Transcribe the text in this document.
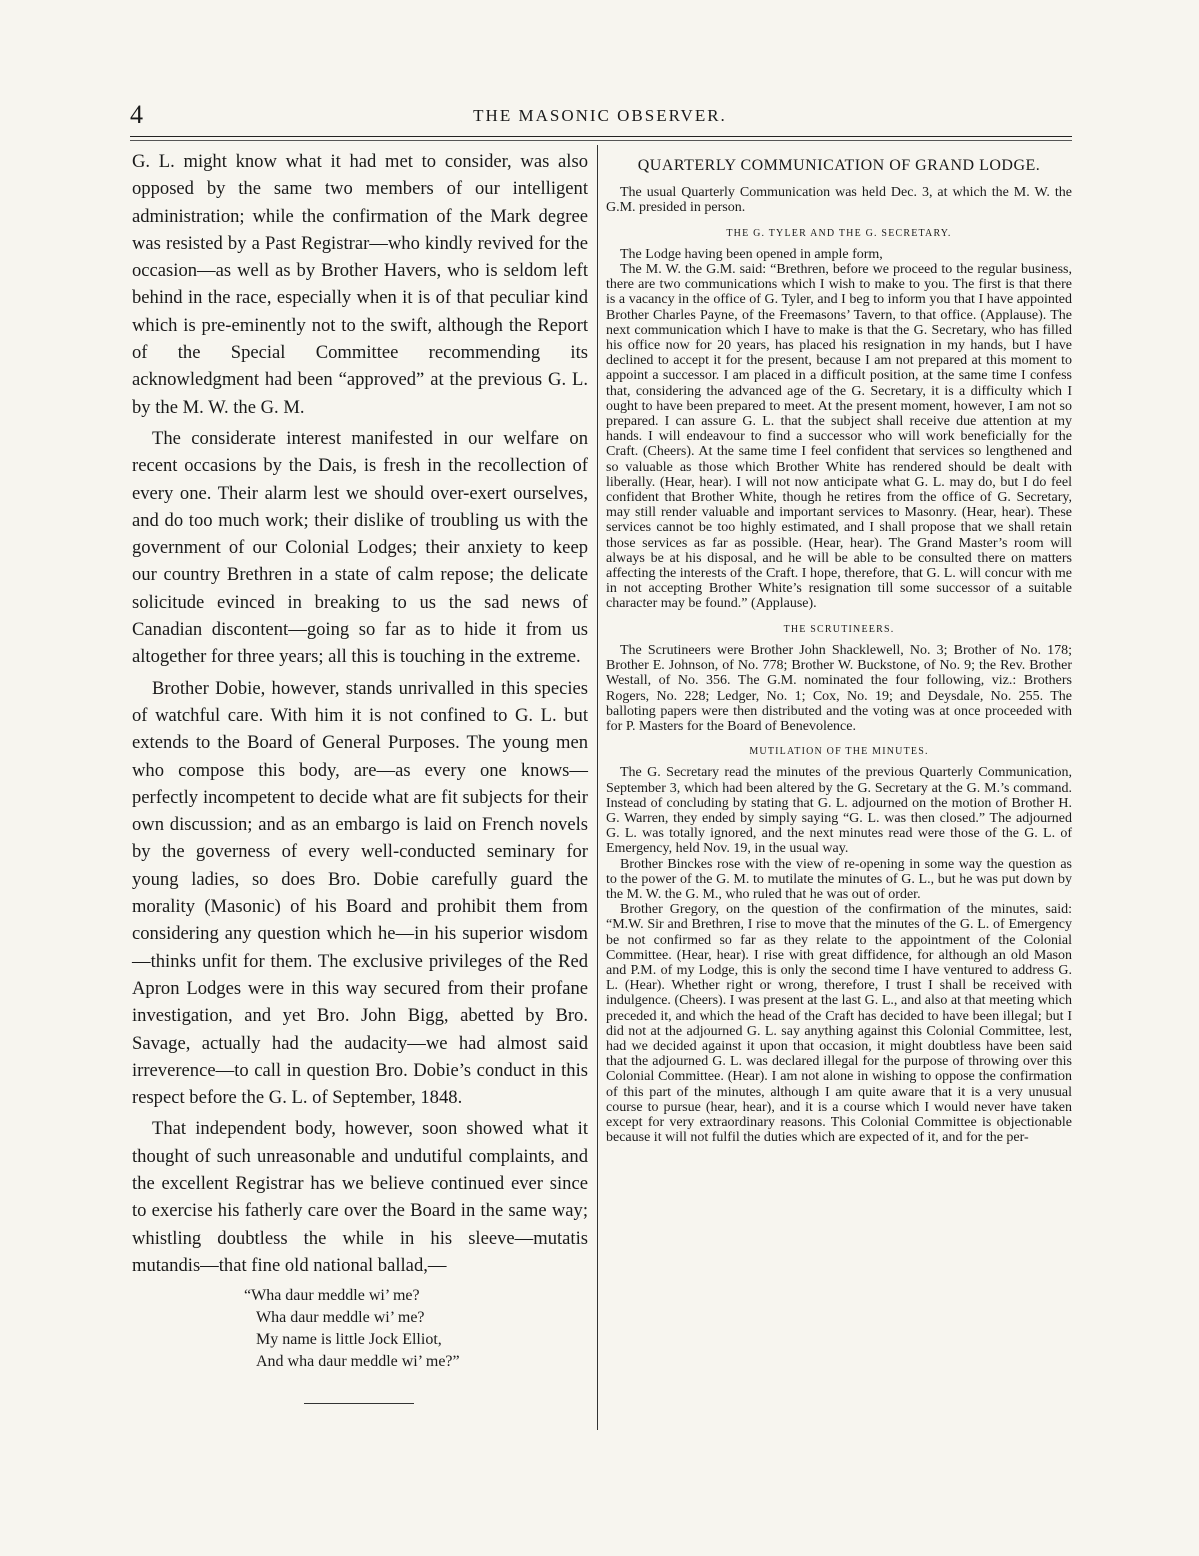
4	THE MASONIC OBSERVER.

G. L. might know what it had met to consider, was also opposed by the same two members of our intelligent administration; while the confirmation of the Mark degree was resisted by a Past Registrar—who kindly revived for the occasion—as well as by Brother Havers, who is seldom left behind in the race, especially when it is of that peculiar kind which is pre-eminently not to the swift, although the Report of the Special Committee recommending its acknowledgment had been “approved” at the previous G. L. by the M. W. the G. M.

The considerate interest manifested in our welfare on recent occasions by the Dais, is fresh in the recollection of every one. Their alarm lest we should over-exert ourselves, and do too much work; their dislike of troubling us with the government of our Colonial Lodges; their anxiety to keep our country Brethren in a state of calm repose; the delicate solicitude evinced in breaking to us the sad news of Canadian discontent—going so far as to hide it from us altogether for three years; all this is touching in the extreme.

Brother Dobie, however, stands unrivalled in this species of watchful care. With him it is not confined to G. L. but extends to the Board of General Purposes. The young men who compose this body, are—as every one knows—perfectly incompetent to decide what are fit subjects for their own discussion; and as an embargo is laid on French novels by the governess of every well-conducted seminary for young ladies, so does Bro. Dobie carefully guard the morality (Masonic) of his Board and prohibit them from considering any question which he—in his superior wisdom—thinks unfit for them. The exclusive privileges of the Red Apron Lodges were in this way secured from their profane investigation, and yet Bro. John Bigg, abetted by Bro. Savage, actually had the audacity—we had almost said irreverence—to call in question Bro. Dobie’s conduct in this respect before the G. L. of September, 1848.

That independent body, however, soon showed what it thought of such unreasonable and undutiful complaints, and the excellent Registrar has we believe continued ever since to exercise his fatherly care over the Board in the same way; whistling doubtless the while in his sleeve—mutatis mutandis—that fine old national ballad,—

“Wha daur meddle wi’ me?
Wha daur meddle wi’ me?
My name is little Jock Elliot,
And wha daur meddle wi’ me?”
QUARTERLY COMMUNICATION OF GRAND LODGE.

The usual Quarterly Communication was held Dec. 3, at which the M. W. the G.M. presided in person.

THE G. TYLER AND THE G. SECRETARY.

The Lodge having been opened in ample form,

The M. W. the G.M. said: “Brethren, before we proceed to the regular business, there are two communications which I wish to make to you. The first is that there is a vacancy in the office of G. Tyler, and I beg to inform you that I have appointed Brother Charles Payne, of the Freemasons’ Tavern, to that office. (Applause). The next communication which I have to make is that the G. Secretary, who has filled his office now for 20 years, has placed his resignation in my hands, but I have declined to accept it for the present, because I am not prepared at this moment to appoint a successor. I am placed in a difficult position, at the same time I confess that, considering the advanced age of the G. Secretary, it is a difficulty which I ought to have been prepared to meet. At the present moment, however, I am not so prepared. I can assure G. L. that the subject shall receive due attention at my hands. I will endeavour to find a successor who will work beneficially for the Craft. (Cheers). At the same time I feel confident that services so lengthened and so valuable as those which Brother White has rendered should be dealt with liberally. (Hear, hear). I will not now anticipate what G. L. may do, but I do feel confident that Brother White, though he retires from the office of G. Secretary, may still render valuable and important services to Masonry. (Hear, hear). These services cannot be too highly estimated, and I shall propose that we shall retain those services as far as possible. (Hear, hear). The Grand Master’s room will always be at his disposal, and he will be able to be consulted there on matters affecting the interests of the Craft. I hope, therefore, that G. L. will concur with me in not accepting Brother White’s resignation till some successor of a suitable character may be found.” (Applause).

THE SCRUTINEERS.

The Scrutineers were Brother John Shacklewell, No. 3; Brother of No. 178; Brother E. Johnson, of No. 778; Brother W. Buckstone, of No. 9; the Rev. Brother Westall, of No. 356. The G.M. nominated the four following, viz.: Brothers Rogers, No. 228; Ledger, No. 1; Cox, No. 19; and Deysdale, No. 255. The balloting papers were then distributed and the voting was at once proceeded with for P. Masters for the Board of Benevolence.

MUTILATION OF THE MINUTES.

The G. Secretary read the minutes of the previous Quarterly Communication, September 3, which had been altered by the G. Secretary at the G. M.’s command. Instead of concluding by stating that G. L. adjourned on the motion of Brother H. G. Warren, they ended by simply saying “G. L. was then closed.” The adjourned G. L. was totally ignored, and the next minutes read were those of the G. L. of Emergency, held Nov. 19, in the usual way.

Brother Binckes rose with the view of re-opening in some way the question as to the power of the G. M. to mutilate the minutes of G. L., but he was put down by the M. W. the G. M., who ruled that he was out of order.

Brother Gregory, on the question of the confirmation of the minutes, said: “M.W. Sir and Brethren, I rise to move that the minutes of the G. L. of Emergency be not confirmed so far as they relate to the appointment of the Colonial Committee. (Hear, hear). I rise with great diffidence, for although an old Mason and P.M. of my Lodge, this is only the second time I have ventured to address G. L. (Hear). Whether right or wrong, therefore, I trust I shall be received with indulgence. (Cheers). I was present at the last G. L., and also at that meeting which preceded it, and which the head of the Craft has decided to have been illegal; but I did not at the adjourned G. L. say anything against this Colonial Committee, lest, had we decided against it upon that occasion, it might doubtless have been said that the adjourned G. L. was declared illegal for the purpose of throwing over this Colonial Committee. (Hear). I am not alone in wishing to oppose the confirmation of this part of the minutes, although I am quite aware that it is a very unusual course to pursue (hear, hear), and it is a course which I would never have taken except for very extraordinary reasons. This Colonial Committee is objectionable because it will not fulfil the duties which are expected of it, and for the per-
